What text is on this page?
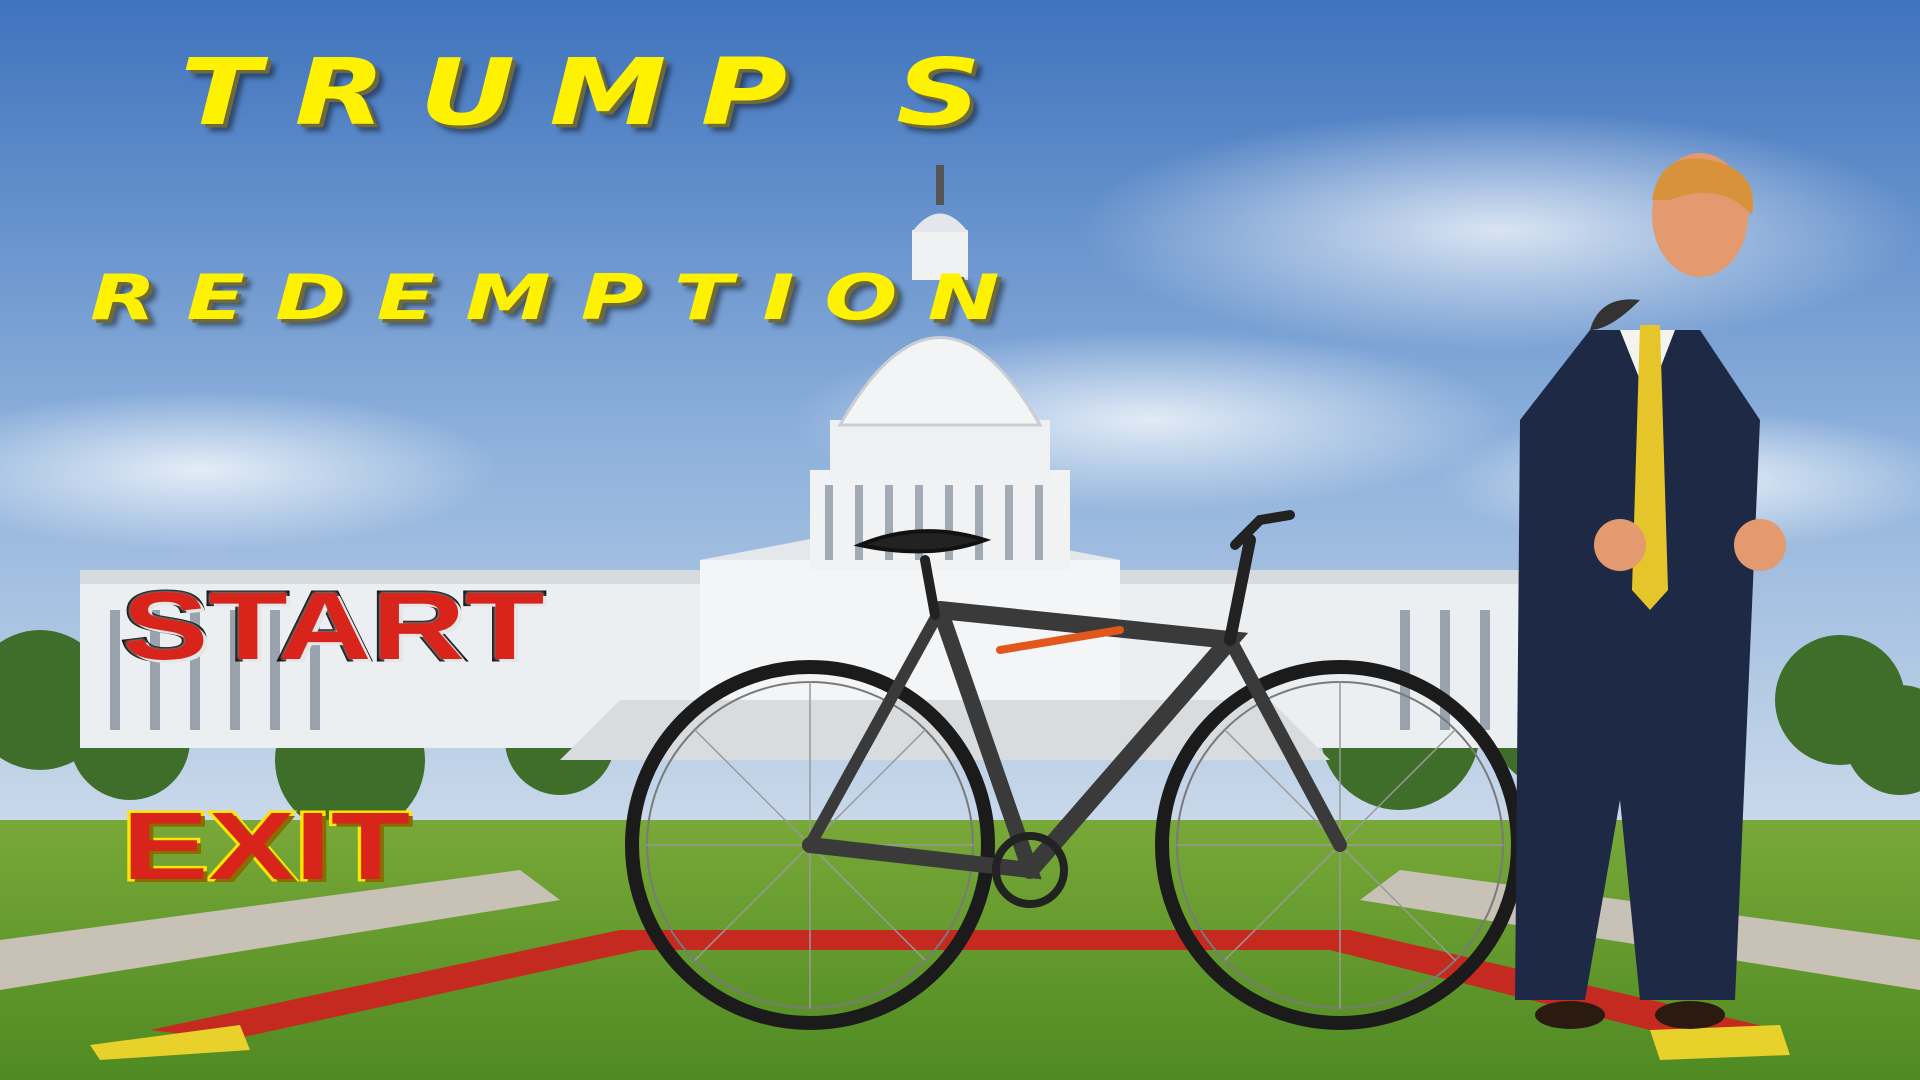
TRUMP S
REDEMPTION
START
EXIT
